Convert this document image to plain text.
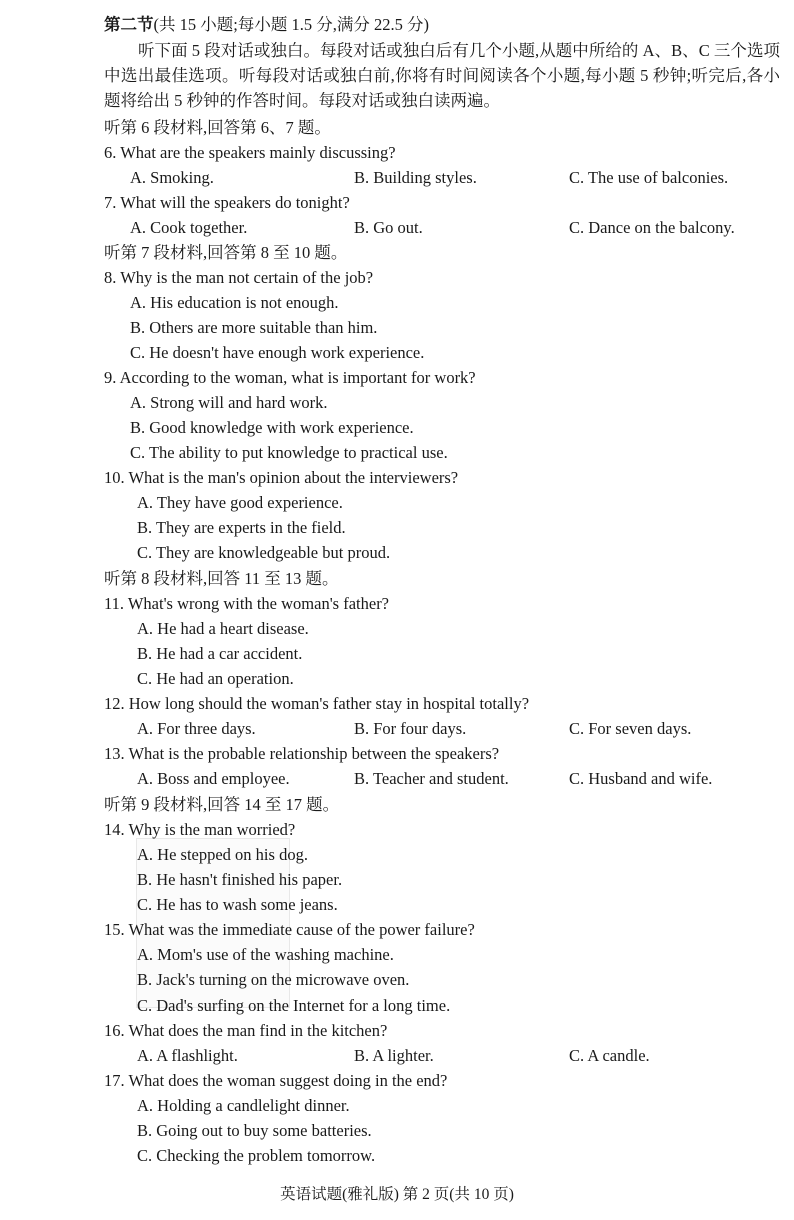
第二节(共 15 小题;每小题 1.5 分,满分 22.5 分)
听下面 5 段对话或独白。每段对话或独白后有几个小题,从题中所给的 A、B、C 三个选项中选出最佳选项。听每段对话或独白前,你将有时间阅读各个小题,每小题 5 秒钟;听完后,各小题将给出 5 秒钟的作答时间。每段对话或独白读两遍。
听第 6 段材料,回答第 6、7 题。
6. What are the speakers mainly discussing?
A. Smoking.	B. Building styles.	C. The use of balconies.
7. What will the speakers do tonight?
A. Cook together.	B. Go out.	C. Dance on the balcony.
听第 7 段材料,回答第 8 至 10 题。
8. Why is the man not certain of the job?
A. His education is not enough.
B. Others are more suitable than him.
C. He doesn't have enough work experience.
9. According to the woman, what is important for work?
A. Strong will and hard work.
B. Good knowledge with work experience.
C. The ability to put knowledge to practical use.
10. What is the man's opinion about the interviewers?
A. They have good experience.
B. They are experts in the field.
C. They are knowledgeable but proud.
听第 8 段材料,回答 11 至 13 题。
11. What's wrong with the woman's father?
A. He had a heart disease.
B. He had a car accident.
C. He had an operation.
12. How long should the woman's father stay in hospital totally?
A. For three days.	B. For four days.	C. For seven days.
13. What is the probable relationship between the speakers?
A. Boss and employee.	B. Teacher and student.	C. Husband and wife.
听第 9 段材料,回答 14 至 17 题。
14. Why is the man worried?
A. He stepped on his dog.
B. He hasn't finished his paper.
C. He has to wash some jeans.
15. What was the immediate cause of the power failure?
A. Mom's use of the washing machine.
B. Jack's turning on the microwave oven.
C. Dad's surfing on the Internet for a long time.
16. What does the man find in the kitchen?
A. A flashlight.	B. A lighter.	C. A candle.
17. What does the woman suggest doing in the end?
A. Holding a candlelight dinner.
B. Going out to buy some batteries.
C. Checking the problem tomorrow.
英语试题(雅礼版) 第 2 页(共 10 页)
